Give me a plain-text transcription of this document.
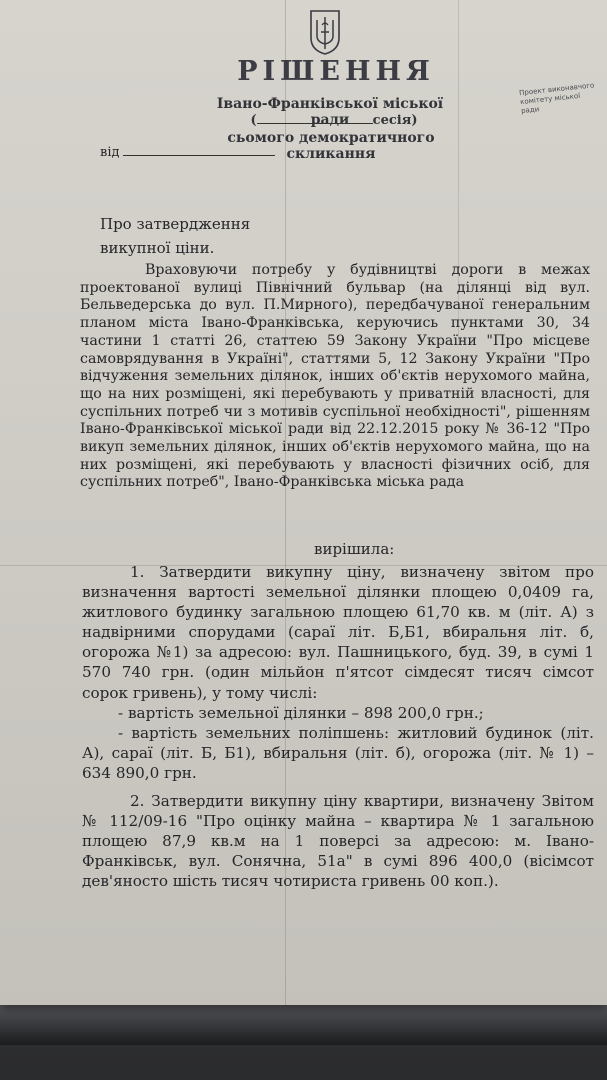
РІШЕННЯ
Івано-Франківської міської ради
(	сесія)
сьомого демократичного скликання
від
Проект виконавчого комітету міської ради
Про затвердження
викупної ціни.

Враховуючи потребу у будівництві дороги в межах проектованої вулиці Північний бульвар (на ділянці від вул. Бельведерська до вул. П.Мирного), передбачуваної генеральним планом міста Івано-Франківська, керуючись пунктами 30, 34 частини 1 статті 26, статтею 59 Закону України "Про місцеве самоврядування в Україні", статтями 5, 12 Закону України "Про відчуження земельних ділянок, інших об'єктів нерухомого майна, що на них розміщені, які перебувають у приватній власності, для суспільних потреб чи з мотивів суспільної необхідності", рішенням Івано-Франківської міської ради від 22.12.2015 року № 36-12 "Про викуп земельних ділянок, інших об'єктів нерухомого майна, що на них розміщені, які перебувають у власності фізичних осіб, для суспільних потреб", Івано-Франківська міська рада

вирішила:

1. Затвердити викупну ціну, визначену звітом про визначення вартості земельної ділянки площею 0,0409 га, житлового будинку загальною площею 61,70 кв. м (літ. А) з надвірними спорудами (сараї літ. Б,Б1, вбиральня літ. б, огорожа №1) за адресою: вул. Пашницького, буд. 39, в сумі 1 570 740 грн. (один мільйон п'ятсот сімдесят тисяч сімсот сорок гривень), у тому числі:

- вартість земельної ділянки – 898 200,0 грн.;

- вартість земельних поліпшень: житловий будинок (літ. А), сараї (літ. Б, Б1), вбиральня (літ. б), огорожа (літ. № 1) – 634 890,0 грн.

2. Затвердити викупну ціну квартири, визначену Звітом № 112/09-16 "Про оцінку майна – квартира № 1 загальною площею 87,9 кв.м на 1 поверсі за адресою: м. Івано-Франківськ, вул. Сонячна, 51а" в сумі 896 400,0 (вісімсот дев'яносто шість тисяч чотириста гривень 00 коп.).
